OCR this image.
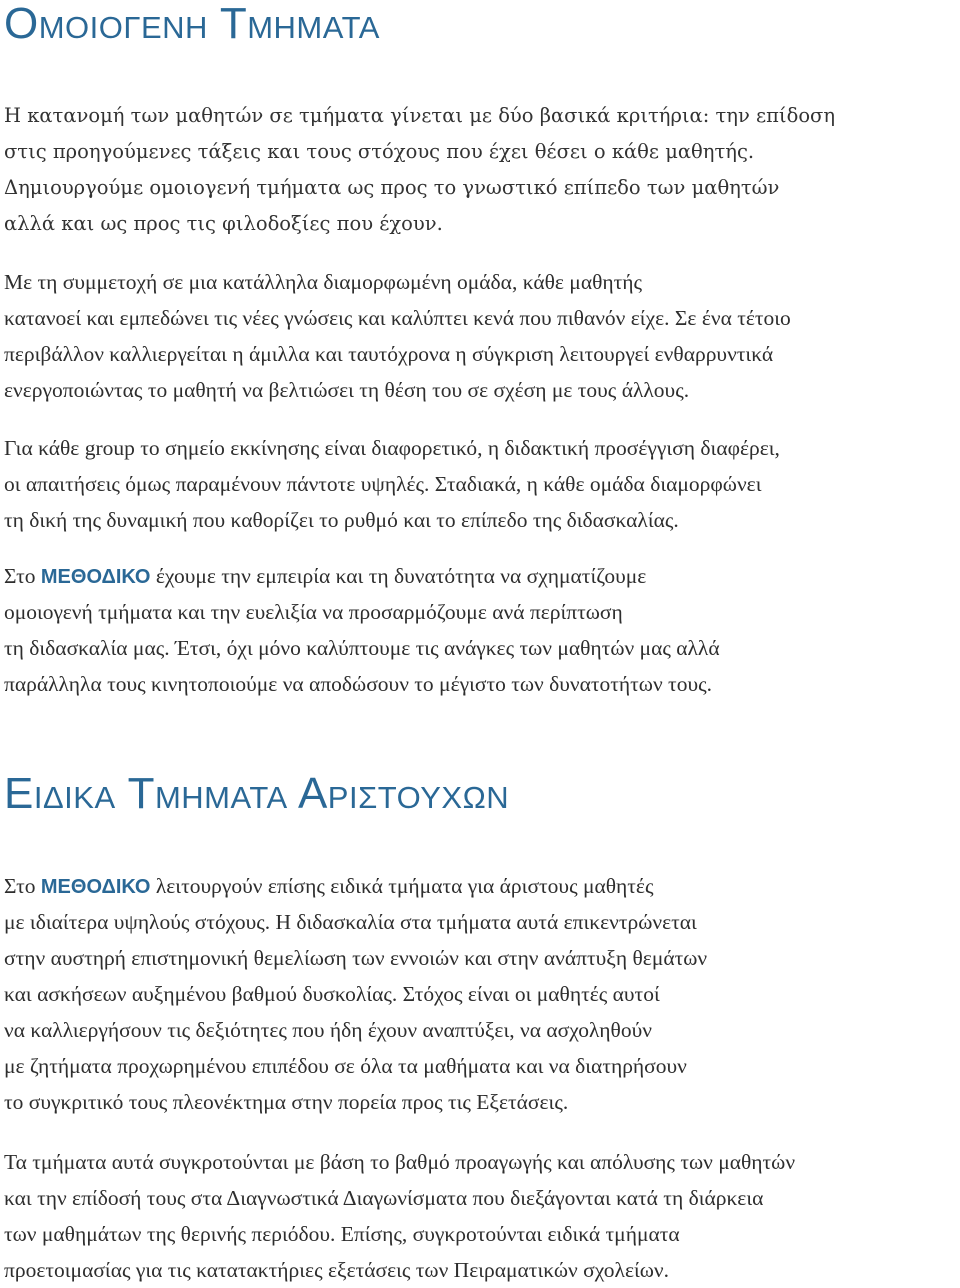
Ομοιογενη Τμηματα
Η κατανομή των μαθητών σε τμήματα γίνεται με δύο βασικά κριτήρια: την επίδοση
στις προηγούμενες τάξεις και τους στόχους που έχει θέσει ο κάθε μαθητής.
Δημιουργούμε ομοιογενή τμήματα ως προς το γνωστικό επίπεδο των μαθητών
αλλά και ως προς τις φιλοδοξίες που έχουν.
Με τη συμμετοχή σε μια κατάλληλα διαμορφωμένη ομάδα, κάθε μαθητής
κατανοεί και εμπεδώνει τις νέες γνώσεις και καλύπτει κενά που πιθανόν είχε. Σε ένα τέτοιο
περιβάλλον καλλιεργείται η άμιλλα και ταυτόχρονα η σύγκριση λειτουργεί ενθαρρυντικά
ενεργοποιώντας το μαθητή να βελτιώσει τη θέση του σε σχέση με τους άλλους.
Για κάθε group το σημείο εκκίνησης είναι διαφορετικό, η διδακτική προσέγγιση διαφέρει,
οι απαιτήσεις όμως παραμένουν πάντοτε υψηλές. Σταδιακά, η κάθε ομάδα διαμορφώνει
τη δική της δυναμική που καθορίζει το ρυθμό και το επίπεδο της διδασκαλίας.
Στο ΜΕΘΟΔΙΚΟ έχουμε την εμπειρία και τη δυνατότητα να σχηματίζουμε
ομοιογενή τμήματα και την ευελιξία να προσαρμόζουμε ανά περίπτωση
τη διδασκαλία μας. Έτσι, όχι μόνο καλύπτουμε τις ανάγκες των μαθητών μας αλλά
παράλληλα τους κινητοποιούμε να αποδώσουν το μέγιστο των δυνατοτήτων τους.
Ειδικα Τμηματα Αριστουχων
Στο ΜΕΘΟΔΙΚΟ λειτουργούν επίσης ειδικά τμήματα για άριστους μαθητές
με ιδιαίτερα υψηλούς στόχους. Η διδασκαλία στα τμήματα αυτά επικεντρώνεται
στην αυστηρή επιστημονική θεμελίωση των εννοιών και στην ανάπτυξη θεμάτων
και ασκήσεων αυξημένου βαθμού δυσκολίας. Στόχος είναι οι μαθητές αυτοί
να καλλιεργήσουν τις δεξιότητες που ήδη έχουν αναπτύξει, να ασχοληθούν
με ζητήματα προχωρημένου επιπέδου σε όλα τα μαθήματα και να διατηρήσουν
το συγκριτικό τους πλεονέκτημα στην πορεία προς τις Εξετάσεις.
Τα τμήματα αυτά συγκροτούνται με βάση το βαθμό προαγωγής και απόλυσης των μαθητών
και την επίδοσή τους στα Διαγνωστικά Διαγωνίσματα που διεξάγονται κατά τη διάρκεια
των μαθημάτων της θερινής περιόδου. Επίσης, συγκροτούνται ειδικά τμήματα
προετοιμασίας για τις κατατακτήριες εξετάσεις των Πειραματικών σχολείων.
